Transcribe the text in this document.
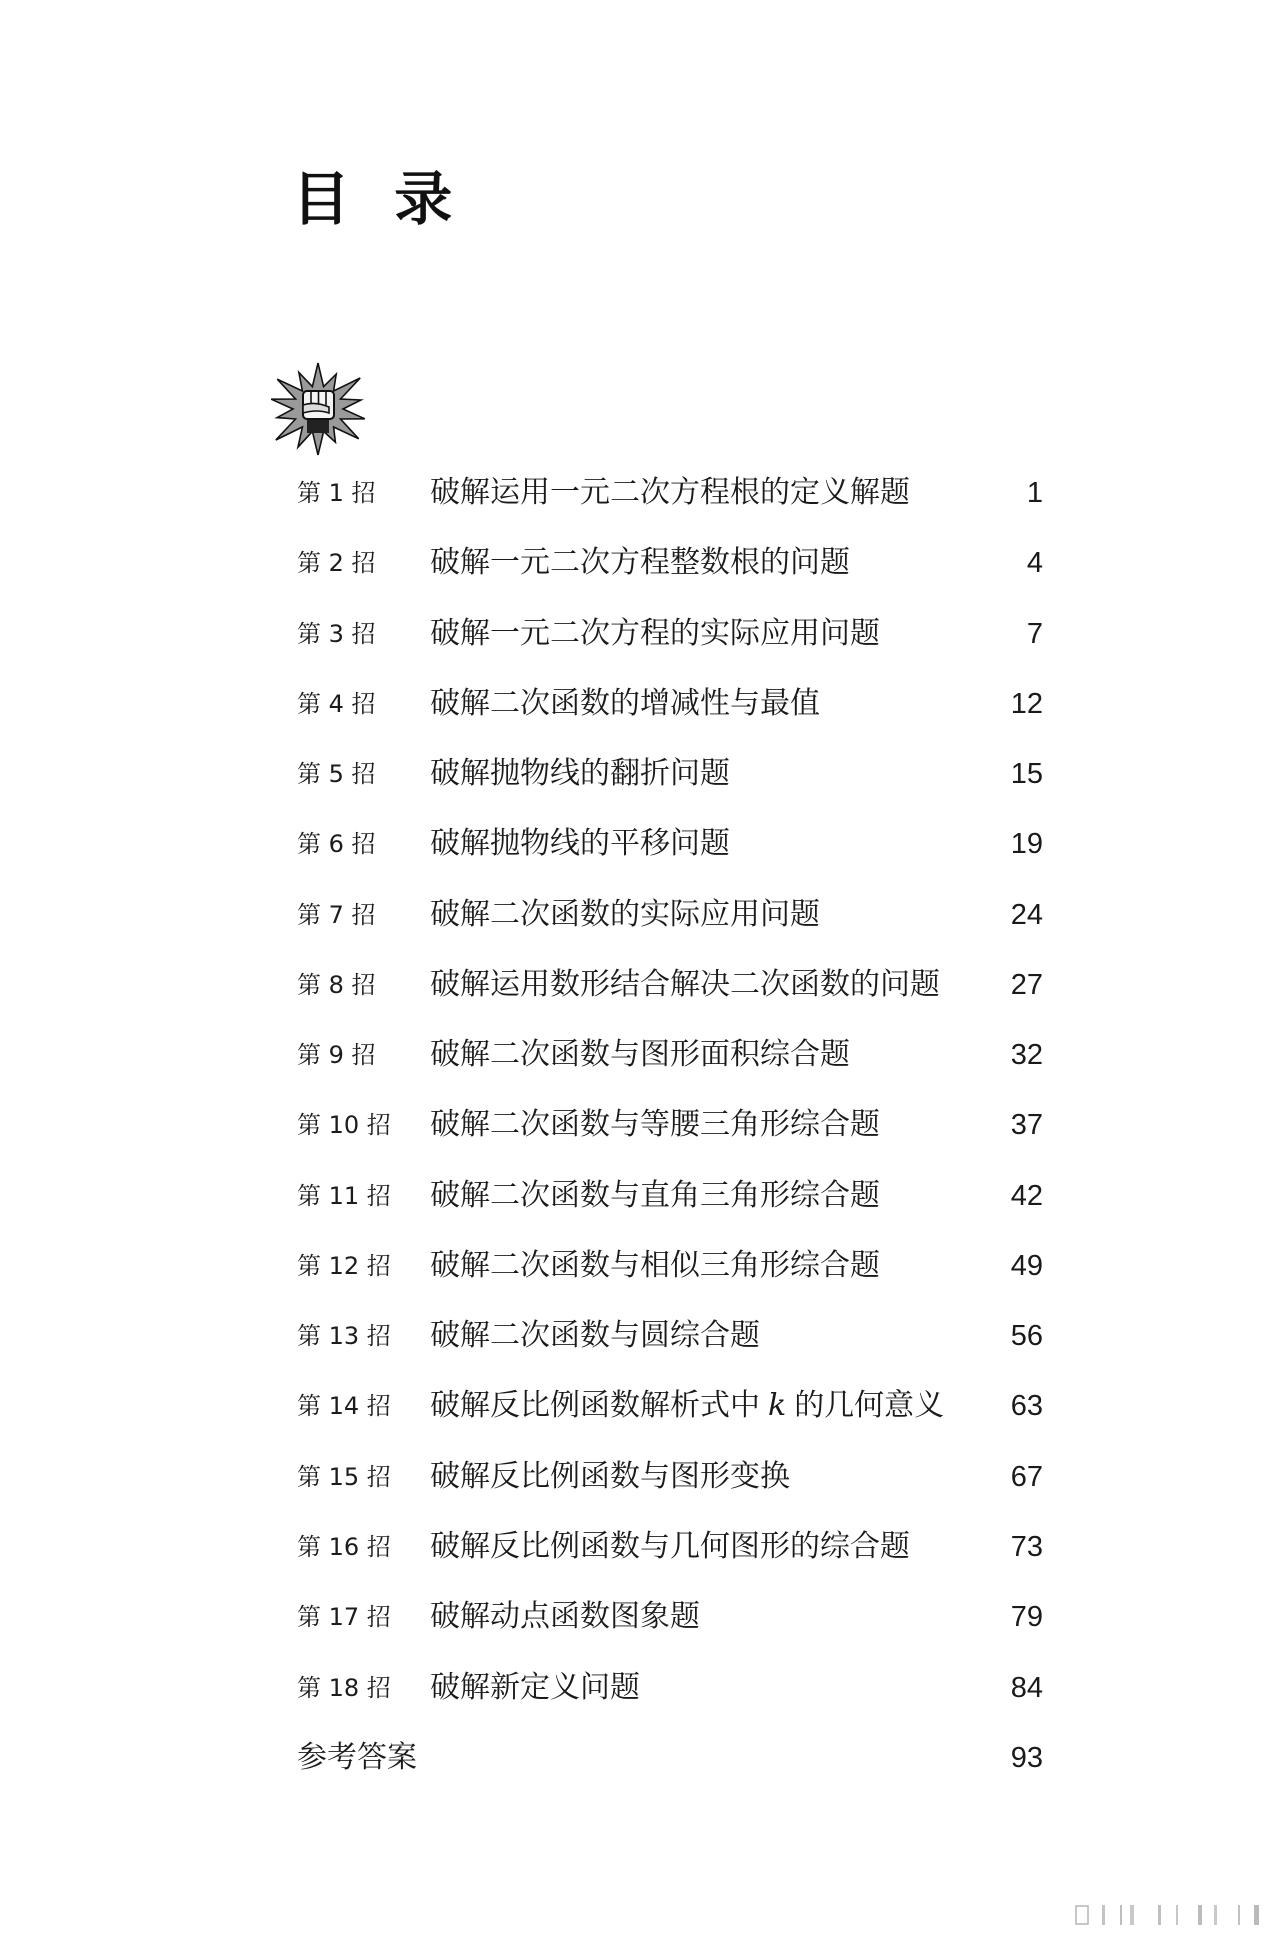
目 录
第 1 招 破解运用一元二次方程根的定义解题	1
第 2 招 破解一元二次方程整数根的问题	4
第 3 招 破解一元二次方程的实际应用问题	7
第 4 招 破解二次函数的增减性与最值	12
第 5 招 破解抛物线的翻折问题	15
第 6 招 破解抛物线的平移问题	19
第 7 招 破解二次函数的实际应用问题	24
第 8 招 破解运用数形结合解决二次函数的问题 27
第 9 招 破解二次函数与图形面积综合题	32
第 10 招 破解二次函数与等腰三角形综合题	37
第 11 招 破解二次函数与直角三角形综合题	42
第 12 招 破解二次函数与相似三角形综合题	49
第 13 招 破解二次函数与圆综合题	56
第 14 招 破解反比例函数解析式中 k 的几何意义 63
第 15 招 破解反比例函数与图形变换	67
第 16 招 破解反比例函数与几何图形的综合题	73
第 17 招 破解动点函数图象题	79
第 18 招 破解新定义问题	84
参考答案	93
